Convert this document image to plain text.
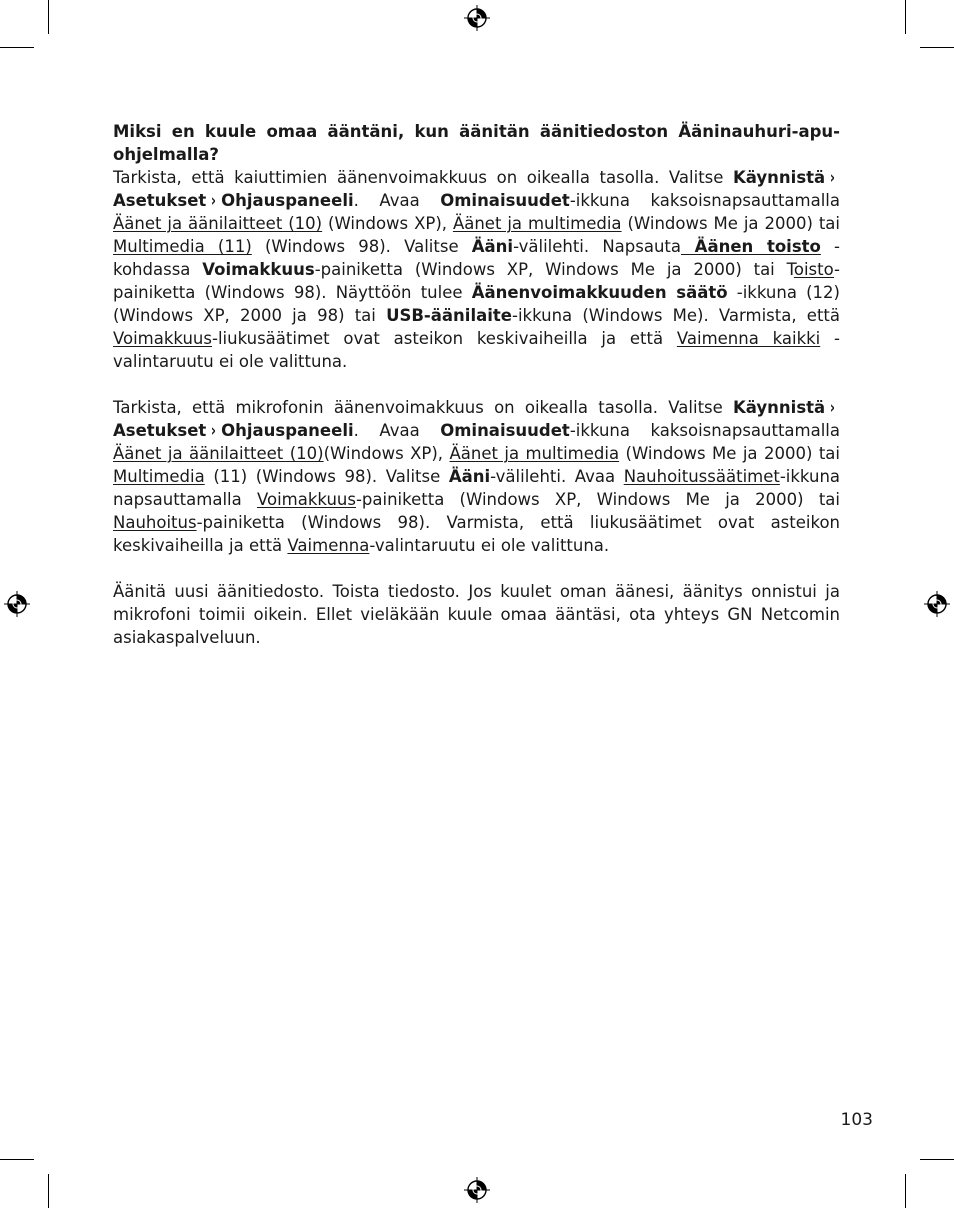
Miksi en kuule omaa ääntäni, kun äänitän äänitiedoston Ääninauhuri-apu-ohjelmalla?

Tarkista, että kaiuttimien äänenvoimakkuus on oikealla tasolla. Valitse Käynnistä ›Asetukset › Ohjauspaneeli. Avaa Ominaisuudet-ikkuna kaksoisnapsauttamalla Äänet ja äänilaitteet (10) (Windows XP), Äänet ja multimedia (Windows Me ja 2000) tai Multimedia (11) (Windows 98). Valitse Ääni-välilehti. Napsauta Äänen toisto -kohdassa Voimakkuus-painiketta (Windows XP, Windows Me ja 2000) tai Toisto-painiketta (Windows 98). Näyttöön tulee Äänenvoimakkuuden säätö -ikkuna (12) (Windows XP, 2000 ja 98) tai USB-äänilaite-ikkuna (Windows Me). Varmista, että Voimakkuus-liukusäätimet ovat asteikon keskivaiheilla ja että Vaimenna kaikki -valintaruutu ei ole valittuna.

Tarkista, että mikrofonin äänenvoimakkuus on oikealla tasolla. Valitse Käynnistä ›Asetukset › Ohjauspaneeli. Avaa Ominaisuudet-ikkuna kaksoisnapsauttamalla Äänet ja äänilaitteet (10)(Windows XP), Äänet ja multimedia (Windows Me ja 2000) tai Multimedia (11) (Windows 98). Valitse Ääni-välilehti. Avaa Nauhoitussäätimet-ikkuna napsauttamalla Voimakkuus-painiketta (Windows XP, Windows Me ja 2000) tai Nauhoitus-painiketta (Windows 98). Varmista, että liukusäätimet ovat asteikon keskivaiheilla ja että Vaimenna-valintaruutu ei ole valittuna.

Äänitä uusi äänitiedosto. Toista tiedosto. Jos kuulet oman äänesi, äänitys onnistui ja mikrofoni toimii oikein. Ellet vieläkään kuule omaa ääntäsi, ota yhteys GN Netcomin asiakaspalveluun.

103
